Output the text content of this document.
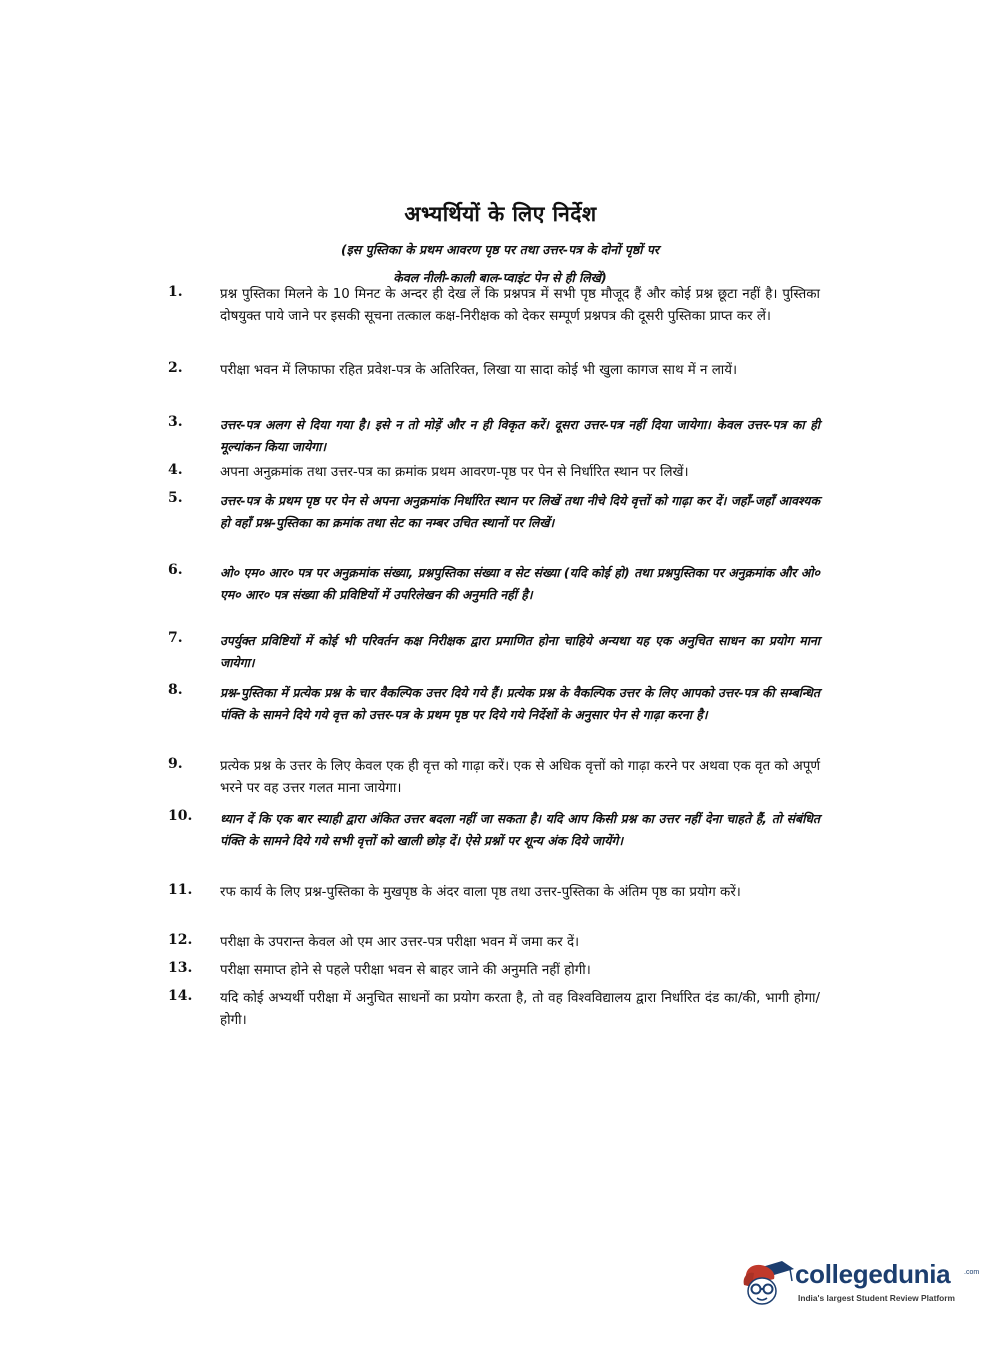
अभ्यर्थियों के लिए निर्देश
(इस पुस्तिका के प्रथम आवरण पृष्ठ पर तथा उत्तर-पत्र के दोनों पृष्ठों पर
केवल नीली-काली बाल-प्वाइंट पेन से ही लिखें)
1.	प्रश्न पुस्तिका मिलने के 10 मिनट के अन्दर ही देख लें कि प्रश्नपत्र में सभी पृष्ठ मौजूद हैं और कोई प्रश्न छूटा नहीं है। पुस्तिका दोषयुक्त पाये जाने पर इसकी सूचना तत्काल कक्ष-निरीक्षक को देकर सम्पूर्ण प्रश्नपत्र की दूसरी पुस्तिका प्राप्त कर लें।
2.	परीक्षा भवन में लिफाफा रहित प्रवेश-पत्र के अतिरिक्त, लिखा या सादा कोई भी खुला कागज साथ में न लायें।
3.	उत्तर-पत्र अलग से दिया गया है। इसे न तो मोड़ें और न ही विकृत करें। दूसरा उत्तर-पत्र नहीं दिया जायेगा। केवल उत्तर-पत्र का ही मूल्यांकन किया जायेगा।
4.	अपना अनुक्रमांक तथा उत्तर-पत्र का क्रमांक प्रथम आवरण-पृष्ठ पर पेन से निर्धारित स्थान पर लिखें।
5.	उत्तर-पत्र के प्रथम पृष्ठ पर पेन से अपना अनुक्रमांक निर्धारित स्थान पर लिखें तथा नीचे दिये वृत्तों को गाढ़ा कर दें। जहाँ-जहाँ आवश्यक हो वहाँ प्रश्न-पुस्तिका का क्रमांक तथा सेट का नम्बर उचित स्थानों पर लिखें।
6.	ओ० एम० आर० पत्र पर अनुक्रमांक संख्या, प्रश्नपुस्तिका संख्या व सेट संख्या (यदि कोई हो) तथा प्रश्नपुस्तिका पर अनुक्रमांक और ओ० एम० आर० पत्र संख्या की प्रविष्टियों में उपरिलेखन की अनुमति नहीं है।
7.	उपर्युक्त प्रविष्टियों में कोई भी परिवर्तन कक्ष निरीक्षक द्वारा प्रमाणित होना चाहिये अन्यथा यह एक अनुचित साधन का प्रयोग माना जायेगा।
8.	प्रश्न-पुस्तिका में प्रत्येक प्रश्न के चार वैकल्पिक उत्तर दिये गये हैं। प्रत्येक प्रश्न के वैकल्पिक उत्तर के लिए आपको उत्तर-पत्र की सम्बन्धित पंक्ति के सामने दिये गये वृत्त को उत्तर-पत्र के प्रथम पृष्ठ पर दिये गये निर्देशों के अनुसार पेन से गाढ़ा करना है।
9.	प्रत्येक प्रश्न के उत्तर के लिए केवल एक ही वृत्त को गाढ़ा करें। एक से अधिक वृत्तों को गाढ़ा करने पर अथवा एक वृत को अपूर्ण भरने पर वह उत्तर गलत माना जायेगा।
10.	ध्यान दें कि एक बार स्याही द्वारा अंकित उत्तर बदला नहीं जा सकता है। यदि आप किसी प्रश्न का उत्तर नहीं देना चाहते हैं, तो संबंधित पंक्ति के सामने दिये गये सभी वृत्तों को खाली छोड़ दें। ऐसे प्रश्नों पर शून्य अंक दिये जायेंगे।
11.	रफ कार्य के लिए प्रश्न-पुस्तिका के मुखपृष्ठ के अंदर वाला पृष्ठ तथा उत्तर-पुस्तिका के अंतिम पृष्ठ का प्रयोग करें।
12.	परीक्षा के उपरान्त केवल ओ एम आर उत्तर-पत्र परीक्षा भवन में जमा कर दें।
13.	परीक्षा समाप्त होने से पहले परीक्षा भवन से बाहर जाने की अनुमति नहीं होगी।
14.	यदि कोई अभ्यर्थी परीक्षा में अनुचित साधनों का प्रयोग करता है, तो वह विश्वविद्यालय द्वारा निर्धारित दंड का/की, भागी होगा/होगी।
collegedunia .com
India's largest Student Review Platform
